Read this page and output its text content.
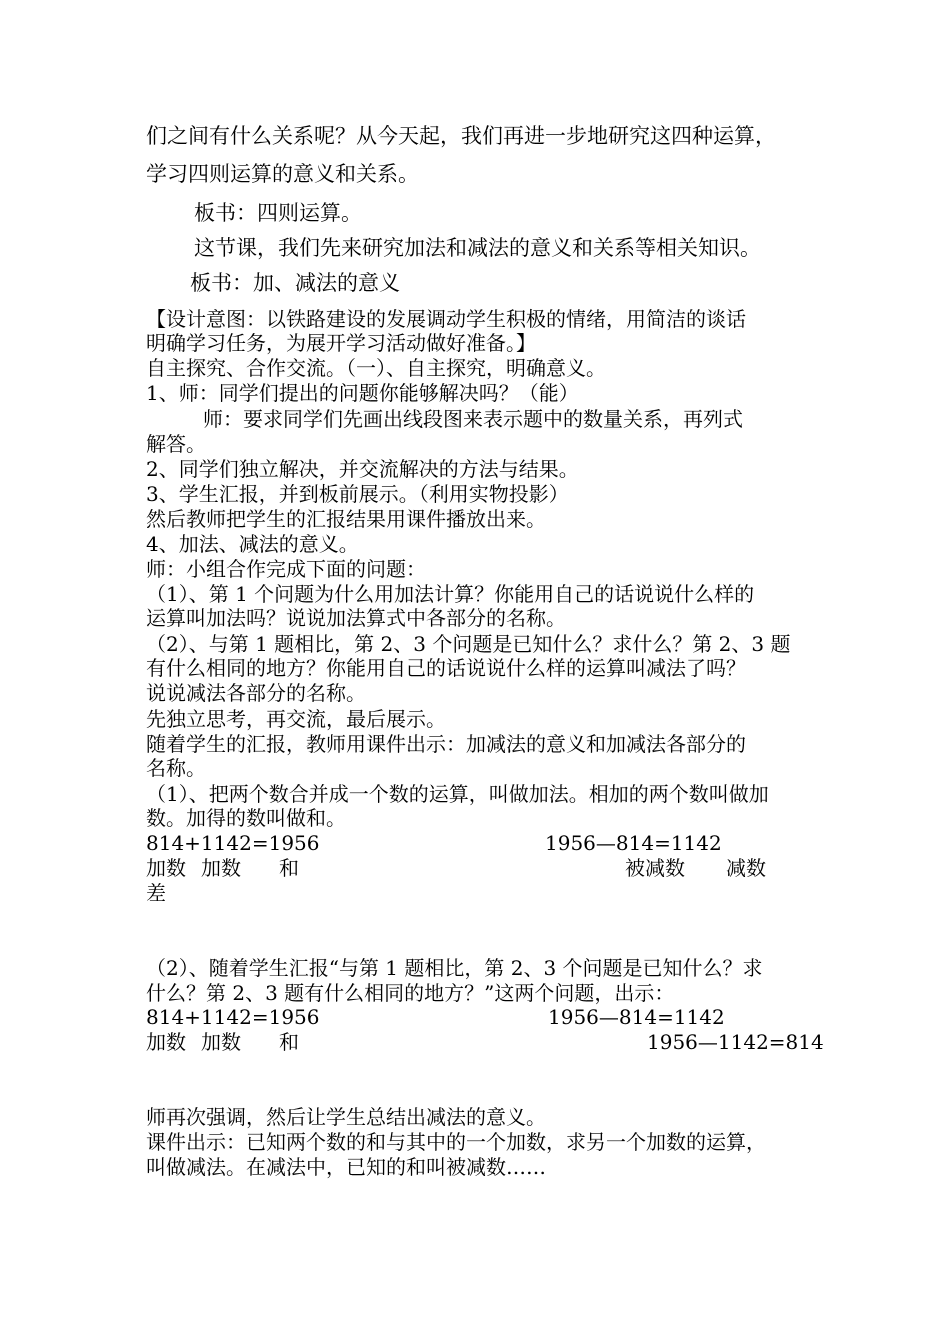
们之间有什么关系呢？从今天起，我们再进一步地研究这四种运算，
学习四则运算的意义和关系。
板书：四则运算。
这节课，我们先来研究加法和减法的意义和关系等相关知识。
板书：加、减法的意义
【设计意图：以铁路建设的发展调动学生积极的情绪，用简洁的谈话
明确学习任务，为展开学习活动做好准备。】
自主探究、合作交流。（一）、自主探究，明确意义。
1、师：同学们提出的问题你能够解决吗？（能）
师：要求同学们先画出线段图来表示题中的数量关系，再列式
解答。
2、同学们独立解决，并交流解决的方法与结果。
3、学生汇报，并到板前展示。（利用实物投影）
然后教师把学生的汇报结果用课件播放出来。
4、加法、减法的意义。
师：小组合作完成下面的问题：
（1）、第 1 个问题为什么用加法计算？你能用自己的话说说什么样的
运算叫加法吗？说说加法算式中各部分的名称。
（2）、与第 1 题相比，第 2、3 个问题是已知什么？求什么？第 2、3 题
有什么相同的地方？你能用自己的话说说什么样的运算叫减法了吗？
说说减法各部分的名称。
先独立思考，再交流，最后展示。
随着学生的汇报，教师用课件出示：加减法的意义和加减法各部分的
名称。
（1）、把两个数合并成一个数的运算，叫做加法。相加的两个数叫做加
数。加得的数叫做和。
814+1142=1956	1956—814=1142
加数 加数 和	被减数 减数
差
（2）、随着学生汇报“与第 1 题相比，第 2、3 个问题是已知什么？求
什么？第 2、3 题有什么相同的地方？”这两个问题，出示：
814+1142=1956	1956—814=1142
加数 加数 和	1956—1142=814
师再次强调，然后让学生总结出减法的意义。
课件出示：已知两个数的和与其中的一个加数，求另一个加数的运算，
叫做减法。在减法中，已知的和叫被减数……
